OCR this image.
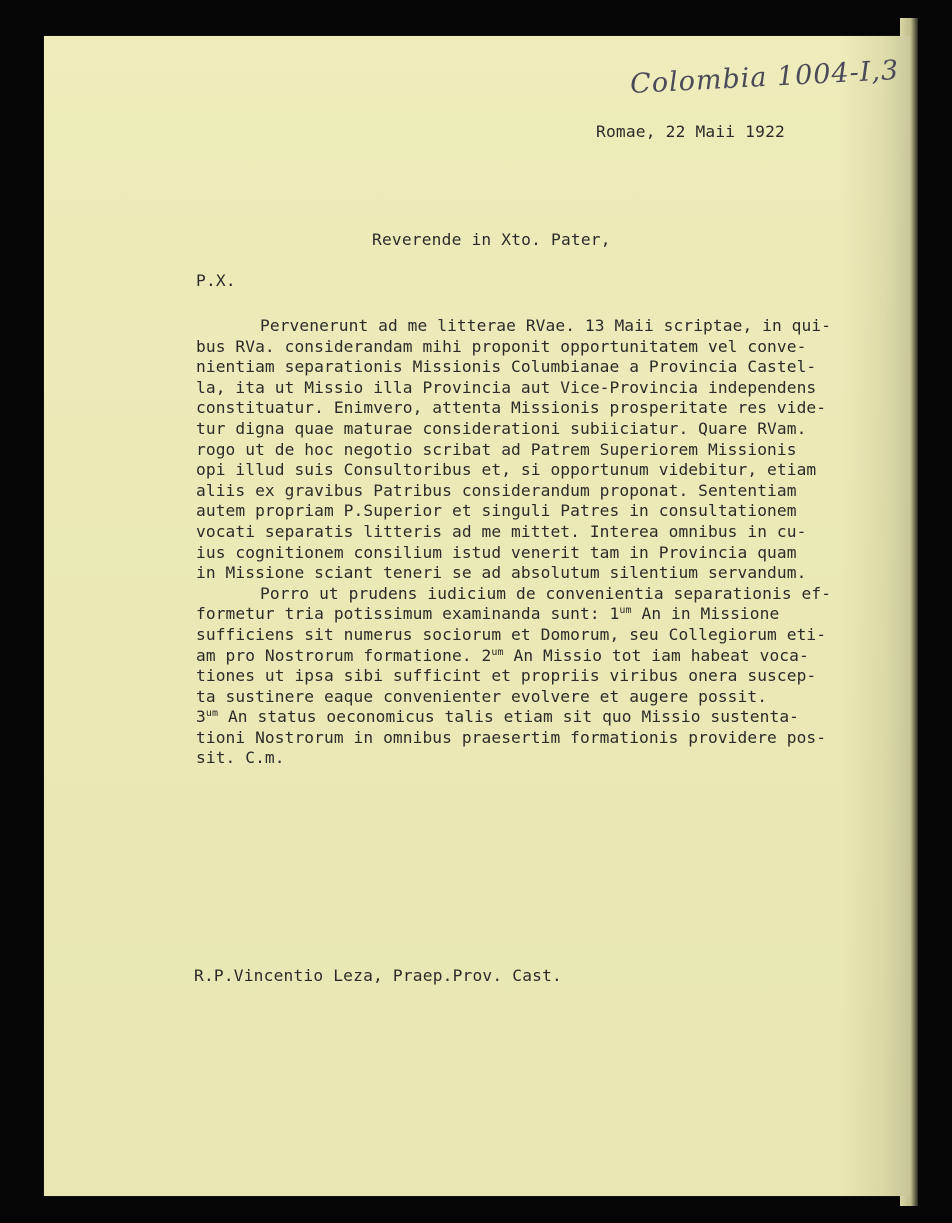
Colombia 1004-I,3
Romae, 22 Maii 1922
Reverende in Xto. Pater,
P.X.
Pervenerunt ad me litterae RVae. 13 Maii scriptae, in qui-
bus RVa. considerandam mihi proponit opportunitatem vel conve-
nientiam separationis Missionis Columbianae a Provincia Castel-
la, ita ut Missio illa Provincia aut Vice-Provincia independens
constituatur. Enimvero, attenta Missionis prosperitate res vide-
tur digna quae maturae considerationi subiiciatur. Quare RVam.
rogo ut de hoc negotio scribat ad Patrem Superiorem Missionis
opi illud suis Consultoribus et, si opportunum videbitur, etiam
aliis ex gravibus Patribus considerandum proponat. Sententiam
autem propriam P.Superior et singuli Patres in consultationem
vocati separatis litteris ad me mittet. Interea omnibus in cu-
ius cognitionem consilium istud venerit tam in Provincia quam
in Missione sciant teneri se ad absolutum silentium servandum.
Porro ut prudens iudicium de convenientia separationis ef-
formetur tria potissimum examinanda sunt: $1^{um}$ An in Missione
sufficiens sit numerus sociorum et Domorum, seu Collegiorum eti-
am pro Nostrorum formatione. $2^{um}$ An Missio tot iam habeat voca-
tiones ut ipsa sibi sufficint et propriis viribus onera suscep-
ta sustinere eaque convenienter evolvere et augere possit.
$3^{um}$ An status oeconomicus talis etiam sit quo Missio sustenta-
tioni Nostrorum in omnibus praesertim formationis providere pos-
sit. C.m.
R.P.Vincentio Leza, Praep.Prov. Cast.
